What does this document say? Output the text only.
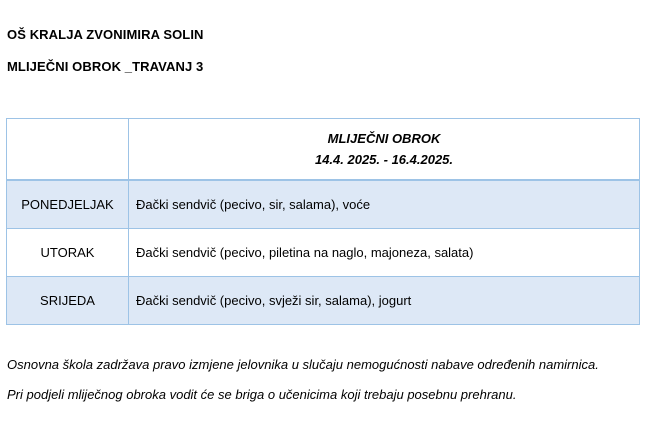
OŠ KRALJA ZVONIMIRA SOLIN
MLIJEČNI OBROK _TRAVANJ 3

	MLIJEČNI OBROK
14.4. 2025. - 16.4.2025.

PONEDJELJAK	Đački sendvič (pecivo, sir, salama), voće
UTORAK	Đački sendvič (pecivo, piletina na naglo, majoneza, salata)
SRIJEDA	Đački sendvič (pecivo, svježi sir, salama), jogurt
Osnovna škola zadržava pravo izmjene jelovnika u slučaju nemogućnosti nabave određenih namirnica.
Pri podjeli mliječnog obroka vodit će se briga o učenicima koji trebaju posebnu prehranu.
